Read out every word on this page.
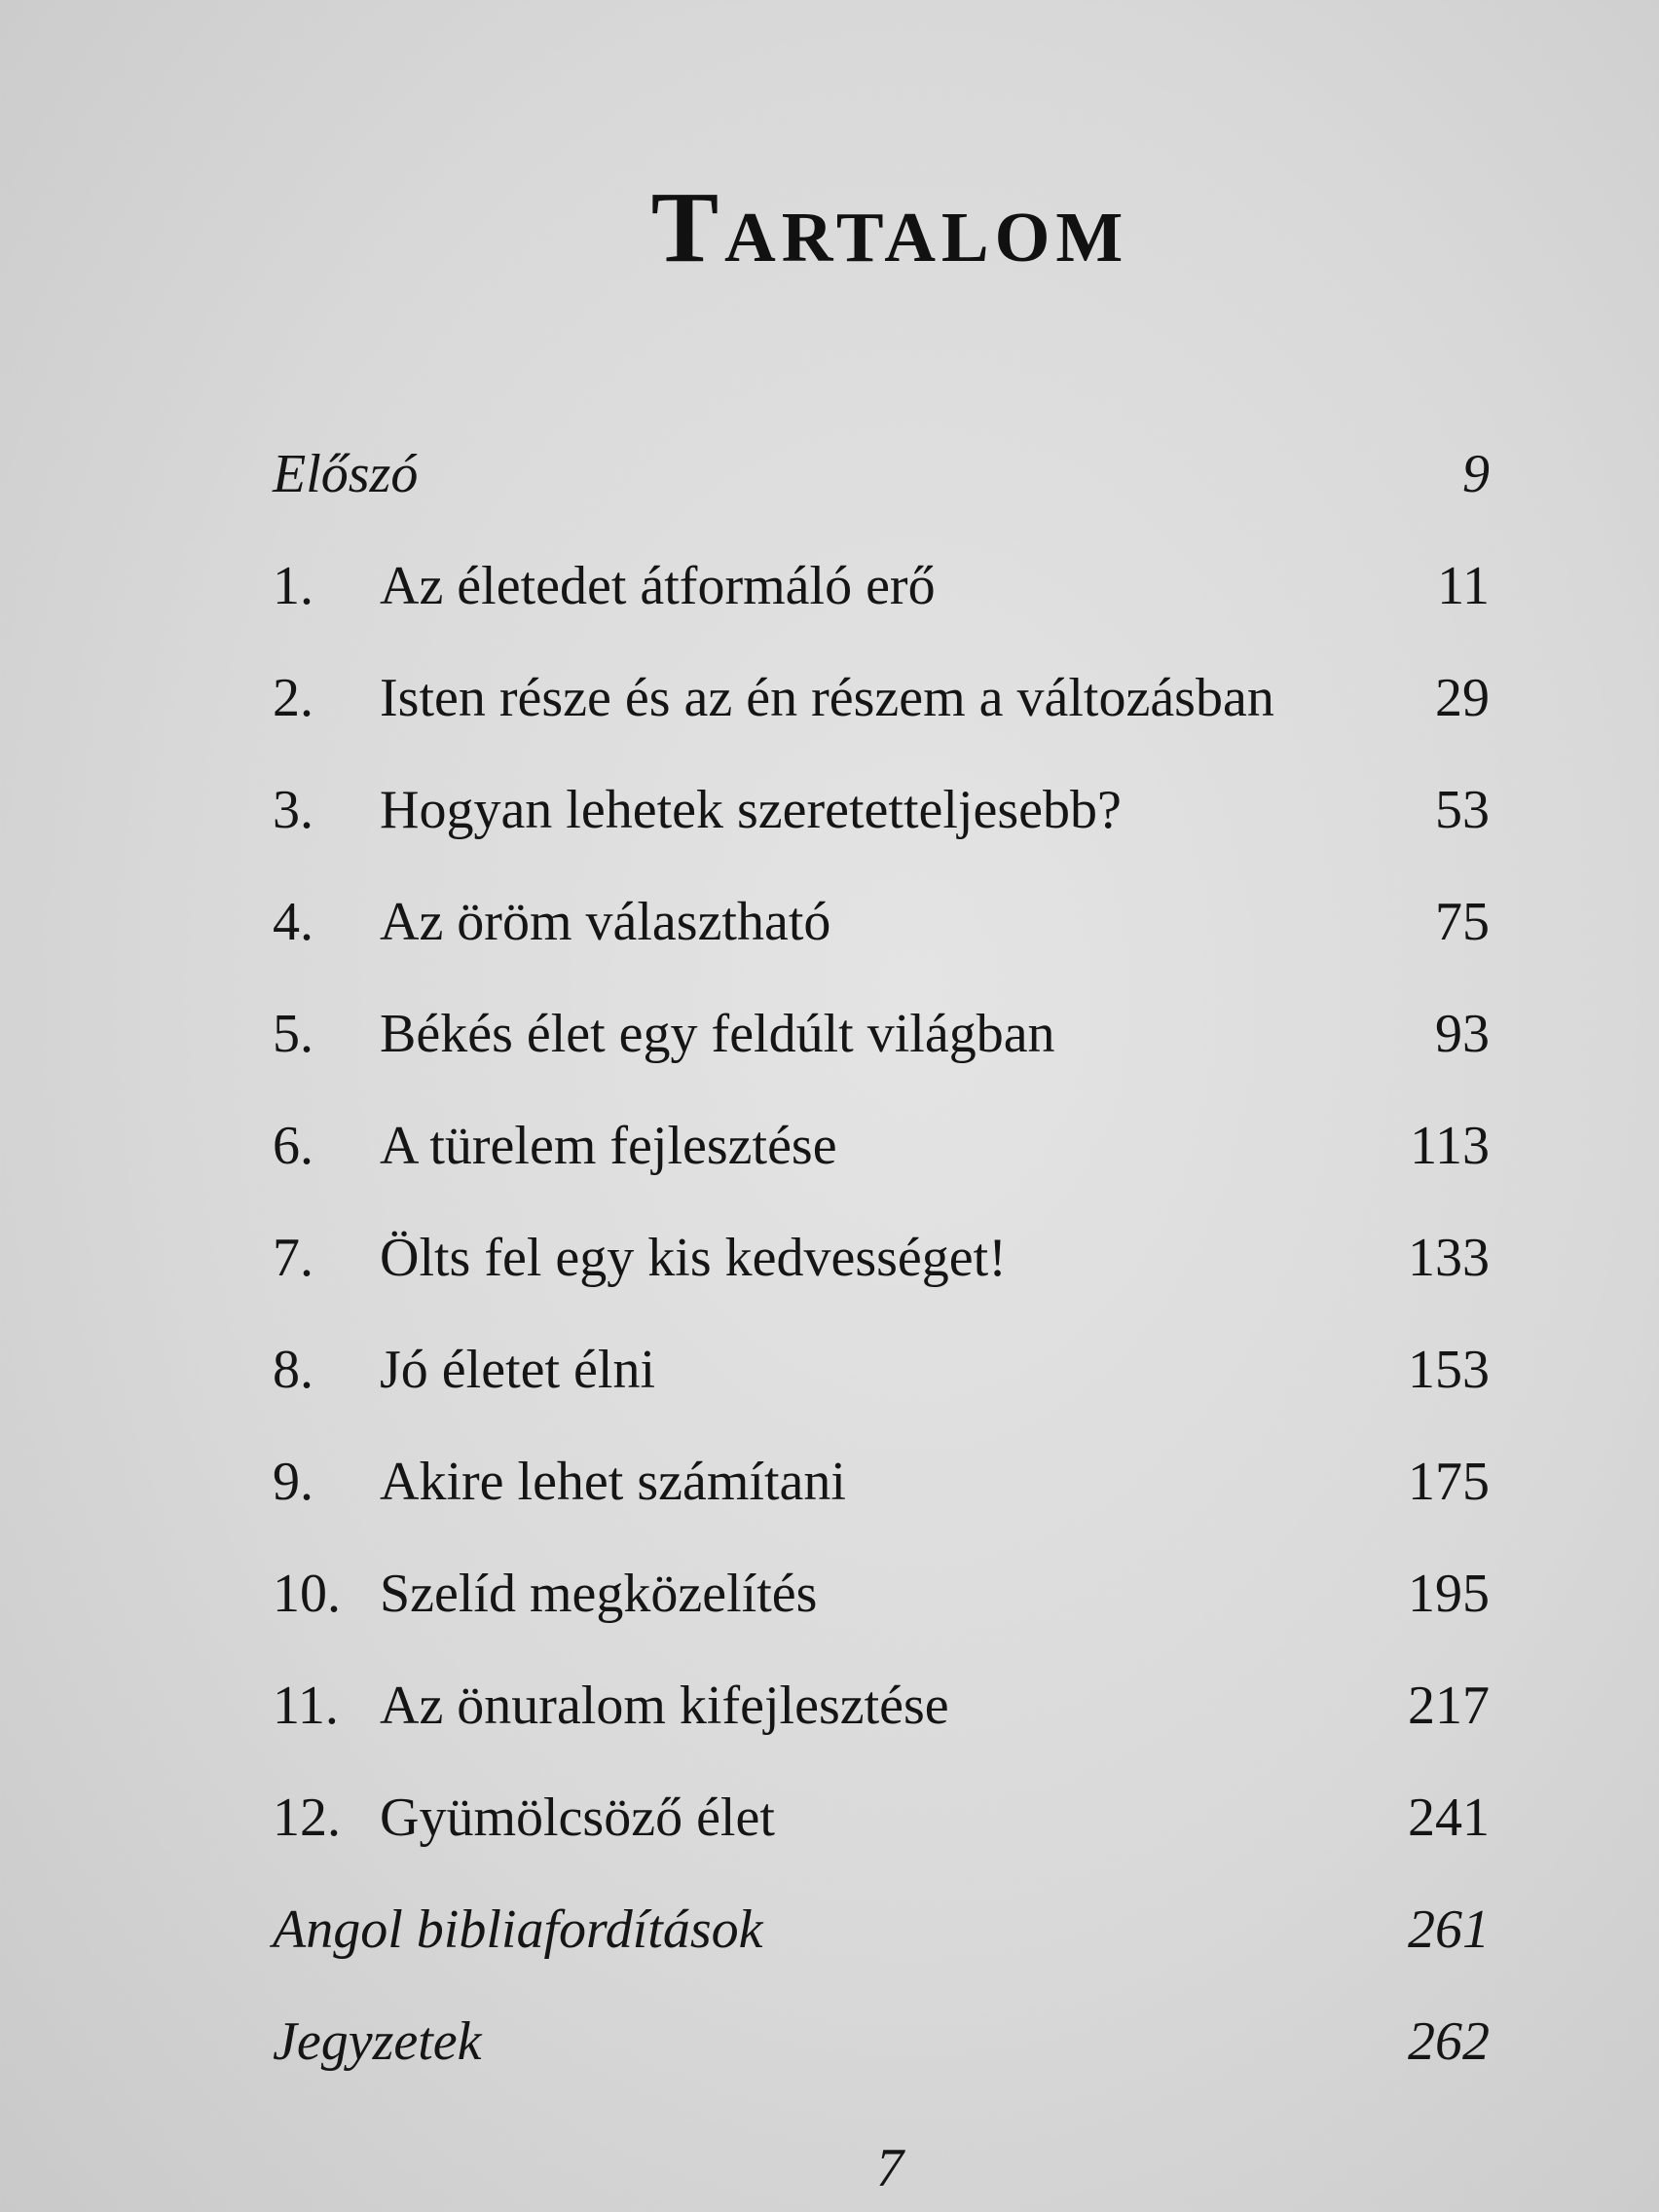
Tartalom
Előszó	9
1.	Az életedet átformáló erő	11
2.	Isten része és az én részem a változásban	29
3.	Hogyan lehetek szeretetteljesebb?	53
4.	Az öröm választható	75
5.	Békés élet egy feldúlt világban	93
6.	A türelem fejlesztése	113
7.	Ölts fel egy kis kedvességet!	133
8.	Jó életet élni	153
9.	Akire lehet számítani	175
10. Szelíd megközelítés	195
11. Az önuralom kifejlesztése	217
12. Gyümölcsöző élet	241
Angol bibliafordítások	261
Jegyzetek	262
7
